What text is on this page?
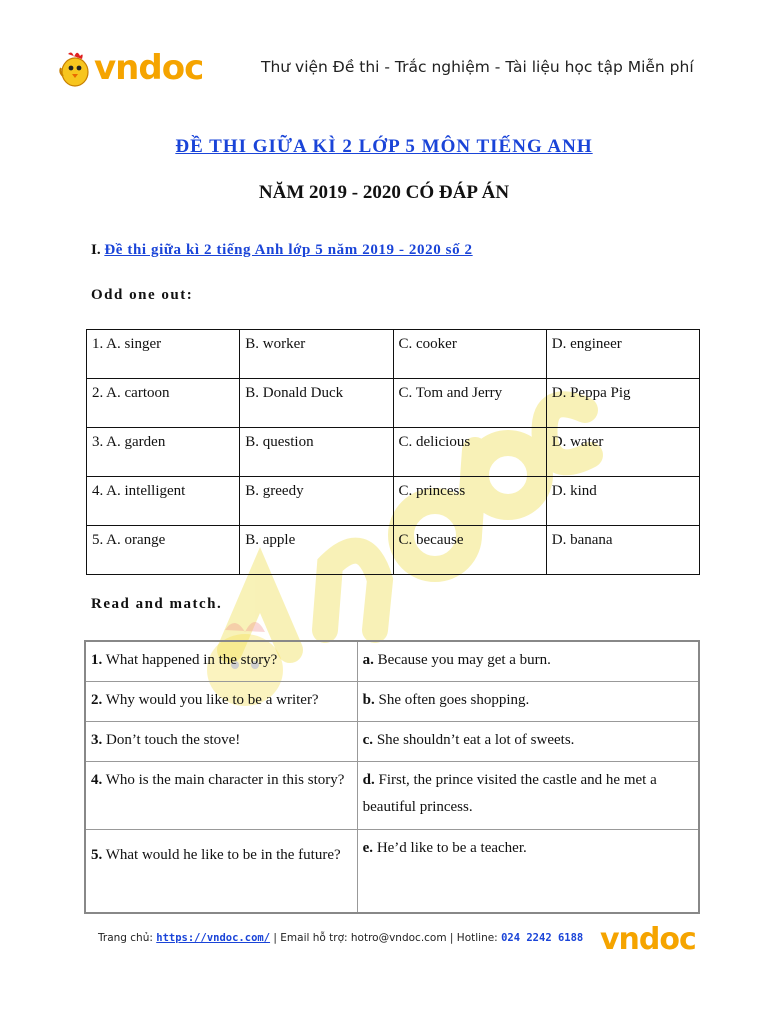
vndoc	Thư viện Đề thi - Trắc nghiệm - Tài liệu học tập Miễn phí
ĐỀ THI GIỮA KÌ 2 LỚP 5 MÔN TIẾNG ANH
NĂM 2019 - 2020 CÓ ĐÁP ÁN
I. Đề thi giữa kì 2 tiếng Anh lớp 5 năm 2019 - 2020 số 2
Odd one out:
1. A. singer	B. worker	C. cooker	D. engineer
2. A. cartoon	B. Donald Duck	C. Tom and Jerry	D. Peppa Pig
3. A. garden	B. question	C. delicious	D. water
4. A. intelligent	B. greedy	C. princess	D. kind
5. A. orange	B. apple	C. because	D. banana
Read and match.
1. What happened in the story?	a. Because you may get a burn.
2. Why would you like to be a writer?	b. She often goes shopping.
3. Don’t touch the stove!	c. She shouldn’t eat a lot of sweets.
4. Who is the main character in this story?	d. First, the prince visited the castle and he met a beautiful princess.
5. What would he like to be in the future?	e. He’d like to be a teacher.
Trang chủ: https://vndoc.com/ | Email hỗ trợ: hotro@vndoc.com | Hotline: 024 2242 6188 vndoc
